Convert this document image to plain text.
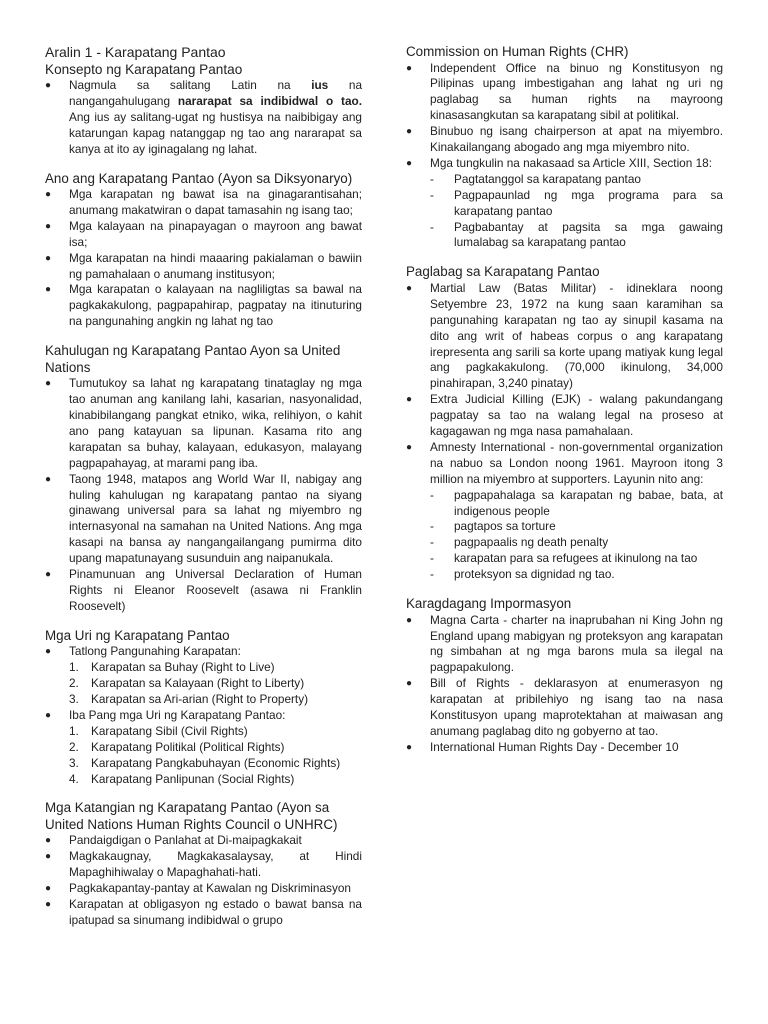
Aralin 1 - Karapatang Pantao

Konsepto ng Karapatang Pantao

● Nagmula sa salitang Latin na ius na nangangahulugang nararapat sa indibidwal o tao. Ang ius ay salitang-ugat ng hustisya na naibibigay ang katarungan kapag natanggap ng tao ang nararapat sa kanya at ito ay iginagalang ng lahat.

Ano ang Karapatang Pantao (Ayon sa Diksyonaryo)

● Mga karapatan ng bawat isa na ginagarantisahan; anumang makatwiran o dapat tamasahin ng isang tao;
● Mga kalayaan na pinapayagan o mayroon ang bawat isa;
● Mga karapatan na hindi maaaring pakialaman o bawiin ng pamahalaan o anumang institusyon;
● Mga karapatan o kalayaan na nagliligtas sa bawal na pagkakakulong, pagpapahirap, pagpatay na itinuturing na pangunahing angkin ng lahat ng tao

Kahulugan ng Karapatang Pantao Ayon sa United Nations

● Tumutukoy sa lahat ng karapatang tinataglay ng mga tao anuman ang kanilang lahi, kasarian, nasyonalidad, kinabibilangang pangkat etniko, wika, relihiyon, o kahit ano pang katayuan sa lipunan. Kasama rito ang karapatan sa buhay, kalayaan, edukasyon, malayang pagpapahayag, at marami pang iba.
● Taong 1948, matapos ang World War II, nabigay ang huling kahulugan ng karapatang pantao na siyang ginawang universal para sa lahat ng miyembro ng internasyonal na samahan na United Nations. Ang mga kasapi na bansa ay nangangailangang pumirma dito upang mapatunayang susunduin ang naipanukala.
● Pinamunuan ang Universal Declaration of Human Rights ni Eleanor Roosevelt (asawa ni Franklin Roosevelt)

Mga Uri ng Karapatang Pantao

● Tatlong Pangunahing Karapatan:
1. Karapatan sa Buhay (Right to Live)
2. Karapatan sa Kalayaan (Right to Liberty)
3. Karapatan sa Ari-arian (Right to Property)
● Iba Pang mga Uri ng Karapatang Pantao:
1. Karapatang Sibil (Civil Rights)
2. Karapatang Politikal (Political Rights)
3. Karapatang Pangkabuhayan (Economic Rights)
4. Karapatang Panlipunan (Social Rights)

Mga Katangian ng Karapatang Pantao (Ayon sa United Nations Human Rights Council o UNHRC)

● Pandaigdigan o Panlahat at Di-maipagkakait
● Magkakaugnay, Magkakasalaysay, at Hindi Mapaghihiwalay o Mapaghahati-hati.
● Pagkakapantay-pantay at Kawalan ng Diskriminasyon
● Karapatan at obligasyon ng estado o bawat bansa na ipatupad sa sinumang indibidwal o grupo

Commission on Human Rights (CHR)

● Independent Office na binuo ng Konstitusyon ng Pilipinas upang imbestigahan ang lahat ng uri ng paglabag sa human rights na mayroong kinasasangkutan sa karapatang sibil at politikal.
● Binubuo ng isang chairperson at apat na miyembro. Kinakailangang abogado ang mga miyembro nito.
● Mga tungkulin na nakasaad sa Article XIII, Section 18:
- Pagtatanggol sa karapatang pantao
- Pagpapaunlad ng mga programa para sa karapatang pantao
- Pagbabantay at pagsita sa mga gawaing lumalabag sa karapatang pantao

Paglabag sa Karapatang Pantao

● Martial Law (Batas Militar) - idineklara noong Setyembre 23, 1972 na kung saan karamihan sa pangunahing karapatan ng tao ay sinupil kasama na dito ang writ of habeas corpus o ang karapatang irepresenta ang sarili sa korte upang matiyak kung legal ang pagkakakulong. (70,000 ikinulong, 34,000 pinahirapan, 3,240 pinatay)
● Extra Judicial Killing (EJK) - walang pakundangang pagpatay sa tao na walang legal na proseso at kagagawan ng mga nasa pamahalaan.
● Amnesty International - non-governmental organization na nabuo sa London noong 1961. Mayroon itong 3 million na miyembro at supporters. Layunin nito ang:
- pagpapahalaga sa karapatan ng babae, bata, at indigenous people
- pagtapos sa torture
- pagpapaalis ng death penalty
- karapatan para sa refugees at ikinulong na tao
- proteksyon sa dignidad ng tao.

Karagdagang Impormasyon

● Magna Carta - charter na inaprubahan ni King John ng England upang mabigyan ng proteksyon ang karapatan ng simbahan at ng mga barons mula sa ilegal na pagpapakulong.
● Bill of Rights - deklarasyon at enumerasyon ng karapatan at pribilehiyo ng isang tao na nasa Konstitusyon upang maprotektahan at maiwasan ang anumang paglabag dito ng gobyerno at tao.
● International Human Rights Day - December 10
